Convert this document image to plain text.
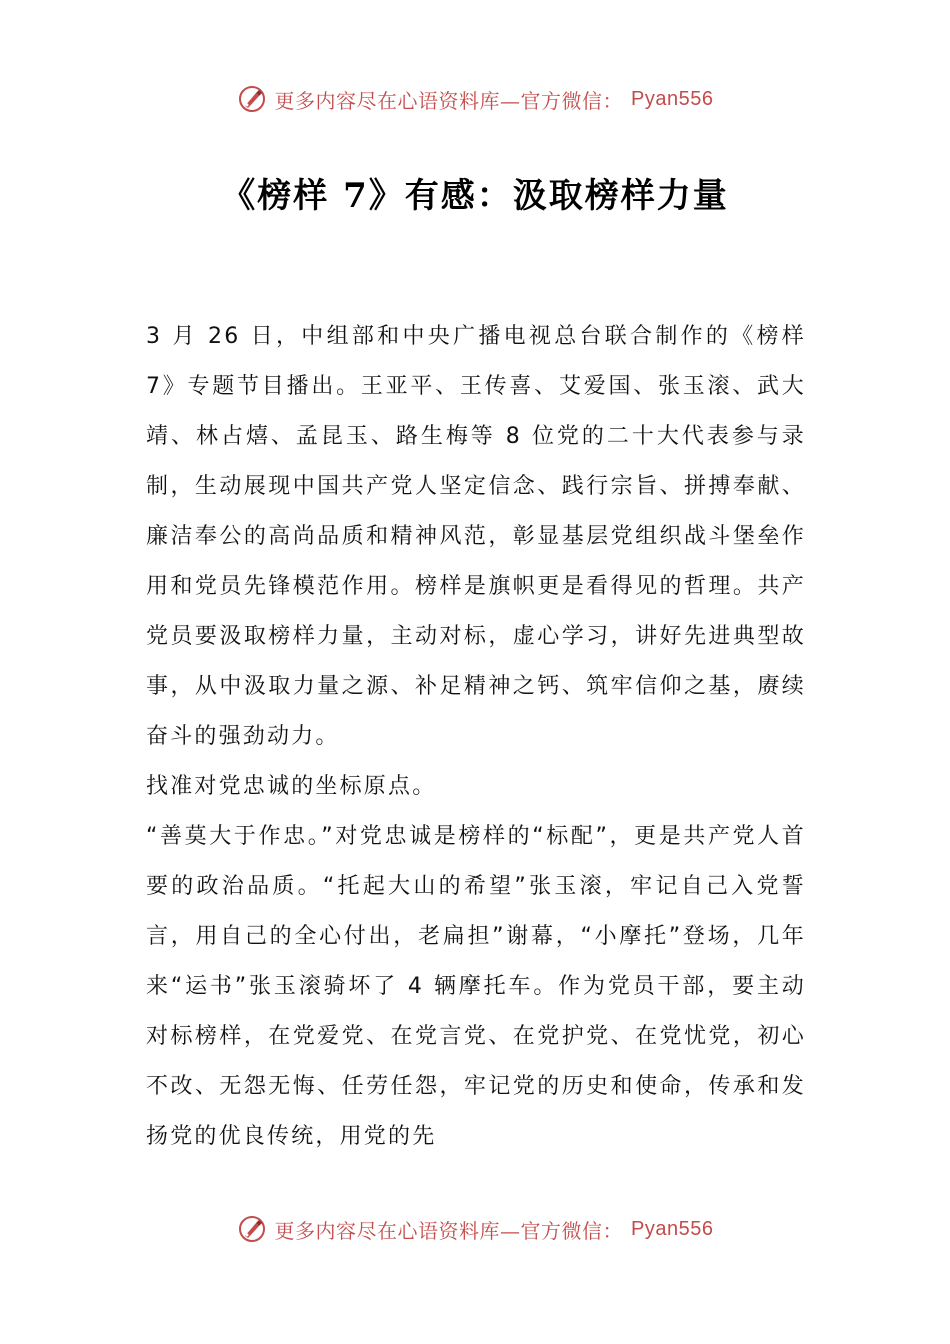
更多内容尽在心语资料库—官方微信： Pyan556
《榜样 7》有感：汲取榜样力量

3 月 26 日，中组部和中央广播电视总台联合制作的《榜样 7》专题节目播出。王亚平、王传喜、艾爱国、张玉滚、武大靖、林占熺、孟昆玉、路生梅等 8 位党的二十大代表参与录制，生动展现中国共产党人坚定信念、践行宗旨、拼搏奉献、廉洁奉公的高尚品质和精神风范，彰显基层党组织战斗堡垒作用和党员先锋模范作用。榜样是旗帜更是看得见的哲理。共产党员要汲取榜样力量，主动对标，虚心学习，讲好先进典型故事，从中汲取力量之源、补足精神之钙、筑牢信仰之基，赓续奋斗的强劲动力。

找准对党忠诚的坐标原点。

“善莫大于作忠。”对党忠诚是榜样的“标配”，更是共产党人首要的政治品质。“托起大山的希望”张玉滚，牢记自己入党誓言，用自己的全心付出，老扁担”谢幕，“小摩托”登场，几年来“运书”张玉滚骑坏了 4 辆摩托车。作为党员干部，要主动对标榜样，在党爱党、在党言党、在党护党、在党忧党，初心不改、无怨无悔、任劳任怨，牢记党的历史和使命，传承和发扬党的优良传统，用党的先

更多内容尽在心语资料库—官方微信： Pyan556
